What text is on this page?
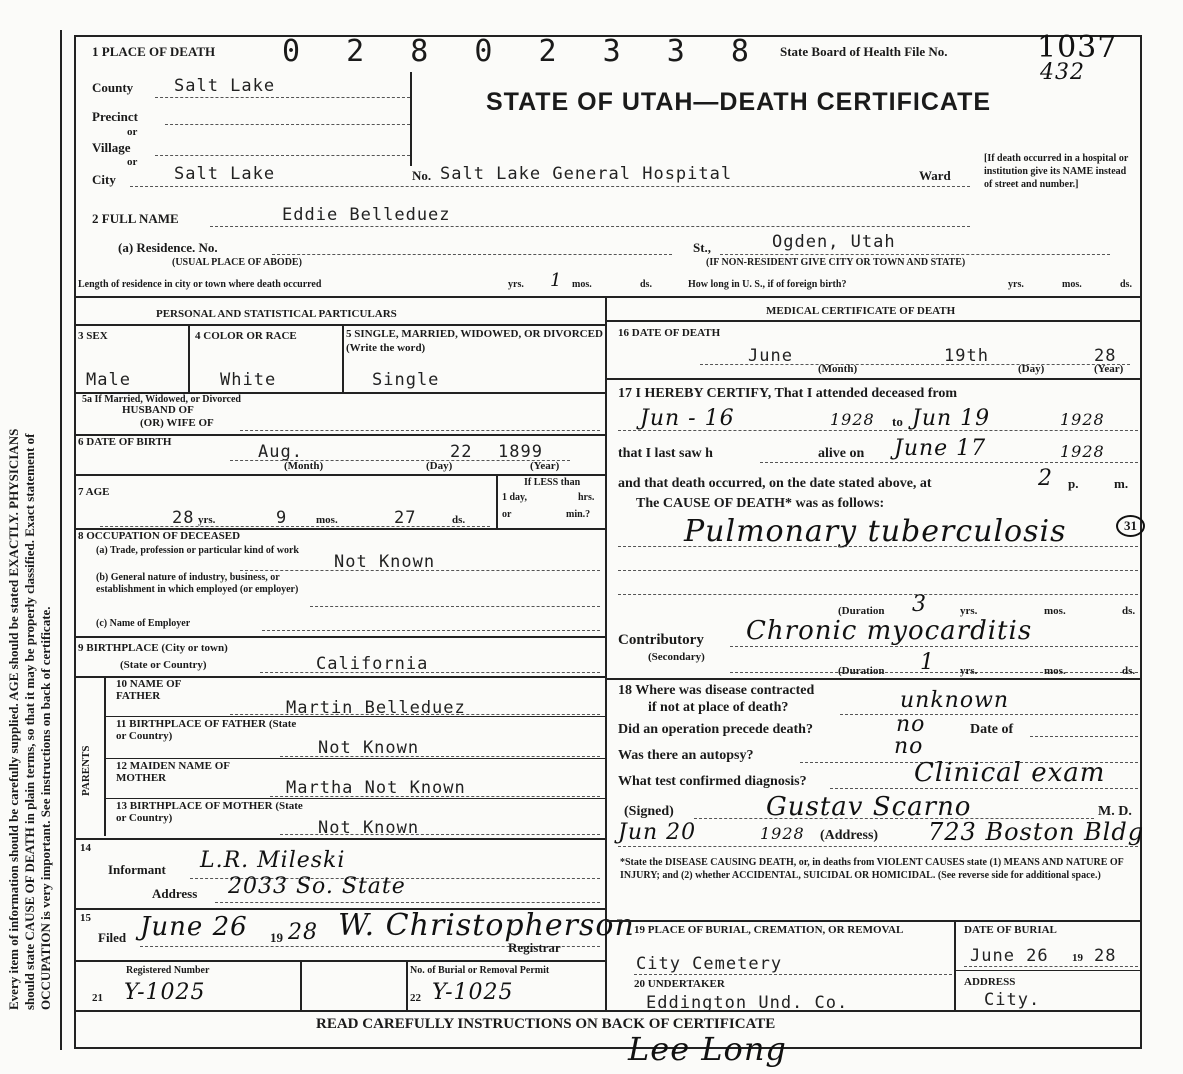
Every item of information should be carefully supplied. AGE should be stated EXACTLY. PHYSICIANS should state CAUSE OF DEATH in plain terms, so that it may be properly classified. Exact statement of OCCUPATION is very important. See instructions on back of certificate.
1 PLACE OF DEATH 0 2 8 0 2 3 3 8 State Board of Health File No.	1037
432
STATE OF UTAH—DEATH CERTIFICATE
County Salt Lake
Precinct
or
Village
or
City	Salt Lake	No. Salt Lake General Hospital	Ward
[If death occurred in a hospital or institution give its NAME instead of street and number.]
2 FULL NAME	Eddie Belleduez
(a) Residence. No.
(USUAL PLACE OF ABODE)
St.,	Ogden, Utah
(IF NON-RESIDENT GIVE CITY OR TOWN AND STATE)
Length of residence in city or town where death occurred	yrs. 1 mos.	ds.	How long in U. S., if of foreign birth?	yrs.	mos.	ds.
PERSONAL AND STATISTICAL PARTICULARS
3 SEX	4 COLOR OR RACE	5 SINGLE, MARRIED, WIDOWED, OR DIVORCED (Write the word)
Male	White	Single
5a If Married, Widowed, or Divorced
HUSBAND OF
(OR) WIFE OF
6 DATE OF BIRTH	Aug.	22 1899
(Month)	(Day)	(Year)
7 AGE
28 yrs.	9	mos.	27	ds.
If LESS than
1 day,	hrs.
or	min.?
8 OCCUPATION OF DECEASED
(a) Trade, profession or particular kind of work
Not Known
(b) General nature of industry, business, or establishment in which employed (or employer)
(c) Name of Employer
9 BIRTHPLACE (City or town)
(State or Country)	California
PARENTS
10 NAME OF FATHER
Martin Belleduez
11 BIRTHPLACE OF FATHER (State or Country)
Not Known
12 MAIDEN NAME OF MOTHER	Martha Not Known
13 BIRTHPLACE OF MOTHER (State or Country)	Not Known
14
Informant L.R. Mileski
Address 2033 So. State
15
Filed June 26 19 28 W. Christopherson
Registrar
Registered Number	No. of Burial or Removal Permit
21 Y-1025	22 Y-1025
MEDICAL CERTIFICATE OF DEATH
16 DATE OF DEATH
June	19th	28
(Month)	(Day)	(Year)
17 I HEREBY CERTIFY, That I attended deceased from
Jun - 16	1928 to Jun 19	1928
that I last saw h	alive on June 17	1928
and that death occurred, on the date stated above, at	2 p.	m.
The CAUSE OF DEATH* was as follows:
Pulmonary tuberculosis	31
(Duration 3	yrs.	mos.	ds.
Contributory
(Secondary)
Chronic myocarditis
(Duration 1 yrs.	mos.	ds.
18 Where was disease contracted
if not at place of death?	unknown
Did an operation precede death?	no	Date of
Was there an autopsy?	no
What test confirmed diagnosis?	Clinical exam
(Signed)	Gustav Scarno	M. D.
Jun 20	1928 (Address) 723 Boston Bldg
*State the DISEASE CAUSING DEATH, or, in deaths from VIOLENT CAUSES state (1) MEANS AND NATURE OF INJURY; and (2) whether ACCIDENTAL, SUICIDAL OR HOMICIDAL. (See reverse side for additional space.)
19 PLACE OF BURIAL, CREMATION, OR REMOVAL
City Cemetery
DATE OF BURIAL
June 26 19 28
20 UNDERTAKER
Eddington Und. Co.
ADDRESS
City.
READ CAREFULLY INSTRUCTIONS ON BACK OF CERTIFICATE
Lee Long
